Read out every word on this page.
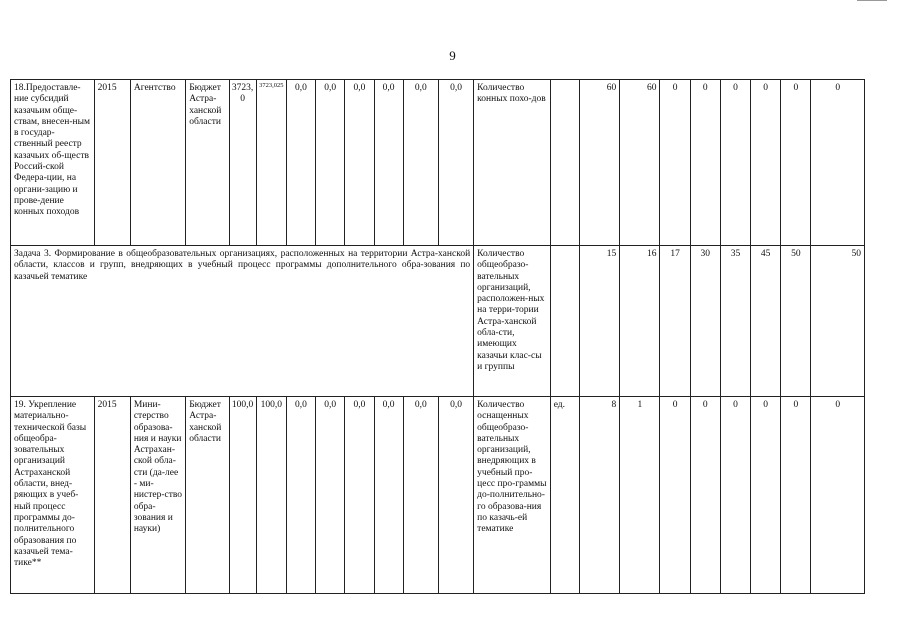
9
18.Предоставле-ние субсидий казачьим обще-ствам, внесен-ным в государ-ственный реестр казачьих об-ществ Россий-ской Федера-ции, на органи-зацию и прове-дение конных походов	2015	Агентство	Бюджет Астра-ханской области	3723,0	3723,025	0,0	0,0	0,0	0,0	0,0	0,0	Количество конных похо-дов		60	60	0	0	0	0	0	0
Задача 3. Формирование в общеобразовательных организациях, расположенных на территории Астра-ханской области, классов и групп, внедряющих в учебный процесс программы дополнительного обра-зования по казачьей тематике												Количество общеобразо-вательных организаций, расположен-ных на терри-тории Астра-ханской обла-сти, имеющих казачьи клас-сы и группы		15	16	17	30	35	45	50	50
19. Укрепление материально-технической базы общеобра-зовательных организаций Астраханской области, внед-ряющих в учеб-ный процесс программы до-полнительного образования по казачьей тема-тике**	2015	Мини-стерство образова-ния и науки Астрахан-ской обла-сти (да-лее - ми-нистер-ство обра-зования и науки)	Бюджет Астра-ханской области	100,0	100,0	0,0	0,0	0,0	0,0	0,0	0,0	Количество оснащенных общеобразо-вательных организаций, внедряющих в учебный про-цесс про-граммы до-полнительно-го образова-ния по казачь-ей тематике	ед.	8	1	0	0	0	0	0	0
